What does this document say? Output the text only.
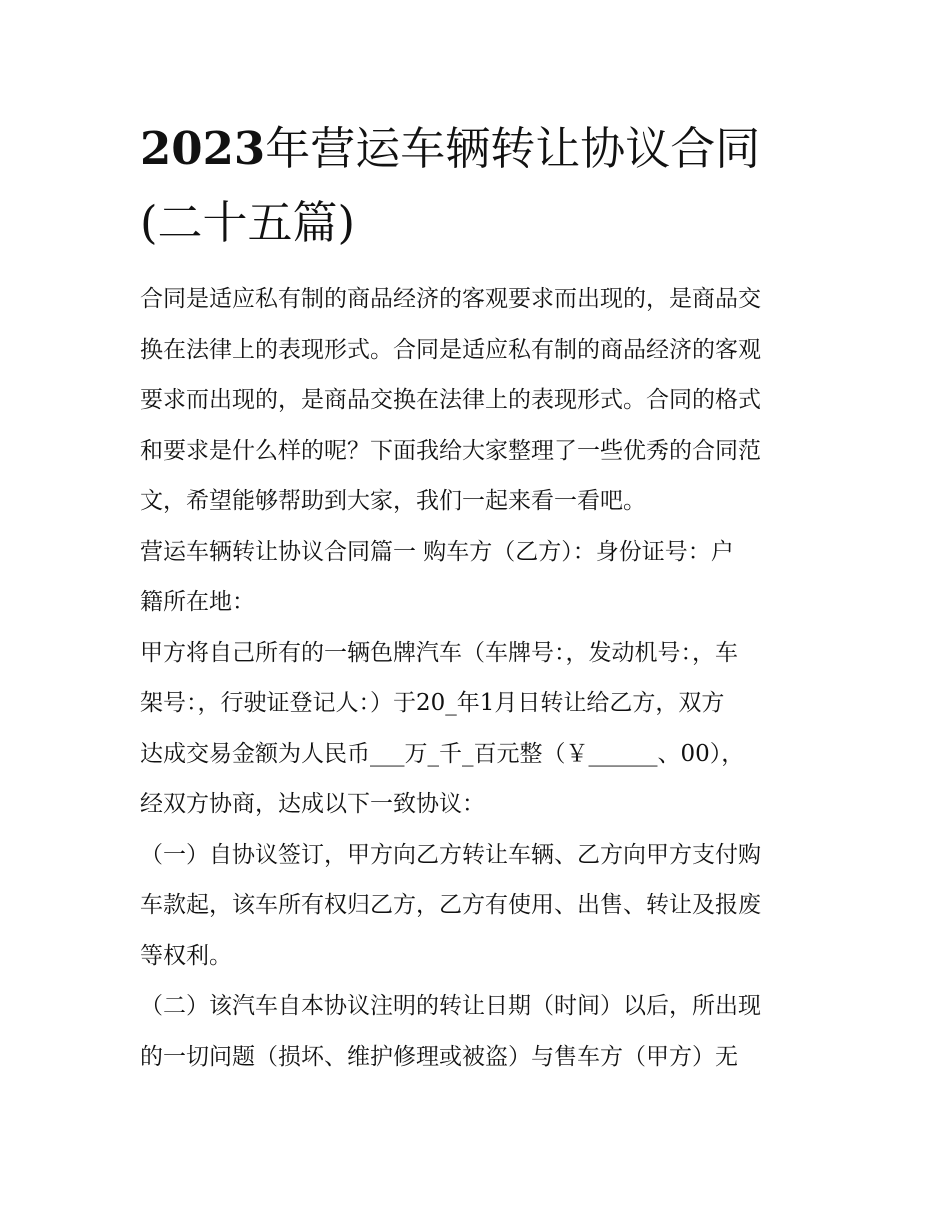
2023年营运车辆转让协议合同
(二十五篇)

合同是适应私有制的商品经济的客观要求而出现的，是商品交
换在法律上的表现形式。合同是适应私有制的商品经济的客观
要求而出现的，是商品交换在法律上的表现形式。合同的格式
和要求是什么样的呢？下面我给大家整理了一些优秀的合同范
文，希望能够帮助到大家，我们一起来看一看吧。

营运车辆转让协议合同篇一 购车方（乙方）：身份证号：户
籍所在地：

甲方将自己所有的一辆色牌汽车（车牌号：，发动机号：，车
架号：，行驶证登记人：）于20_年1月日转让给乙方，双方
达成交易金额为人民币___万_千_百元整（￥______、00），
经双方协商，达成以下一致协议：

（一）自协议签订，甲方向乙方转让车辆、乙方向甲方支付购
车款起，该车所有权归乙方，乙方有使用、出售、转让及报废
等权利。

（二）该汽车自本协议注明的转让日期（时间）以后，所出现
的一切问题（损坏、维护修理或被盗）与售车方（甲方）无
